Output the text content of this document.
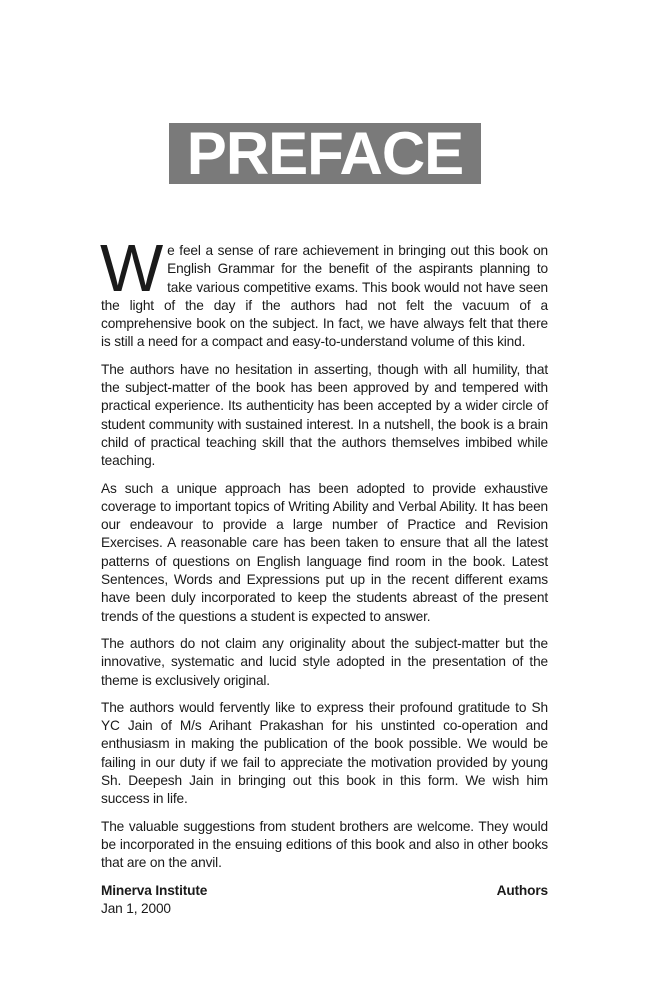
PREFACE

We feel a sense of rare achievement in bringing out this book on English Grammar for the benefit of the aspirants planning to take various competitive exams. This book would not have seen the light of the day if the authors had not felt the vacuum of a comprehensive book on the subject. In fact, we have always felt that there is still a need for a compact and easy-to-understand volume of this kind.

The authors have no hesitation in asserting, though with all humility, that the subject-matter of the book has been approved by and tempered with practical experience. Its authenticity has been accepted by a wider circle of student community with sustained interest. In a nutshell, the book is a brain child of practical teaching skill that the authors themselves imbibed while teaching.

As such a unique approach has been adopted to provide exhaustive coverage to important topics of Writing Ability and Verbal Ability. It has been our endeavour to provide a large number of Practice and Revision Exercises. A reasonable care has been taken to ensure that all the latest patterns of questions on English language find room in the book. Latest Sentences, Words and Expressions put up in the recent different exams have been duly incorporated to keep the students abreast of the present trends of the questions a student is expected to answer.

The authors do not claim any originality about the subject-matter but the innovative, systematic and lucid style adopted in the presentation of the theme is exclusively original.

The authors would fervently like to express their profound gratitude to Sh YC Jain of M/s Arihant Prakashan for his unstinted co-operation and enthusiasm in making the publication of the book possible. We would be failing in our duty if we fail to appreciate the motivation provided by young Sh. Deepesh Jain in bringing out this book in this form. We wish him success in life.

The valuable suggestions from student brothers are welcome. They would be incorporated in the ensuing editions of this book and also in other books that are on the anvil.

Minerva Institute	Authors
Jan 1, 2000
